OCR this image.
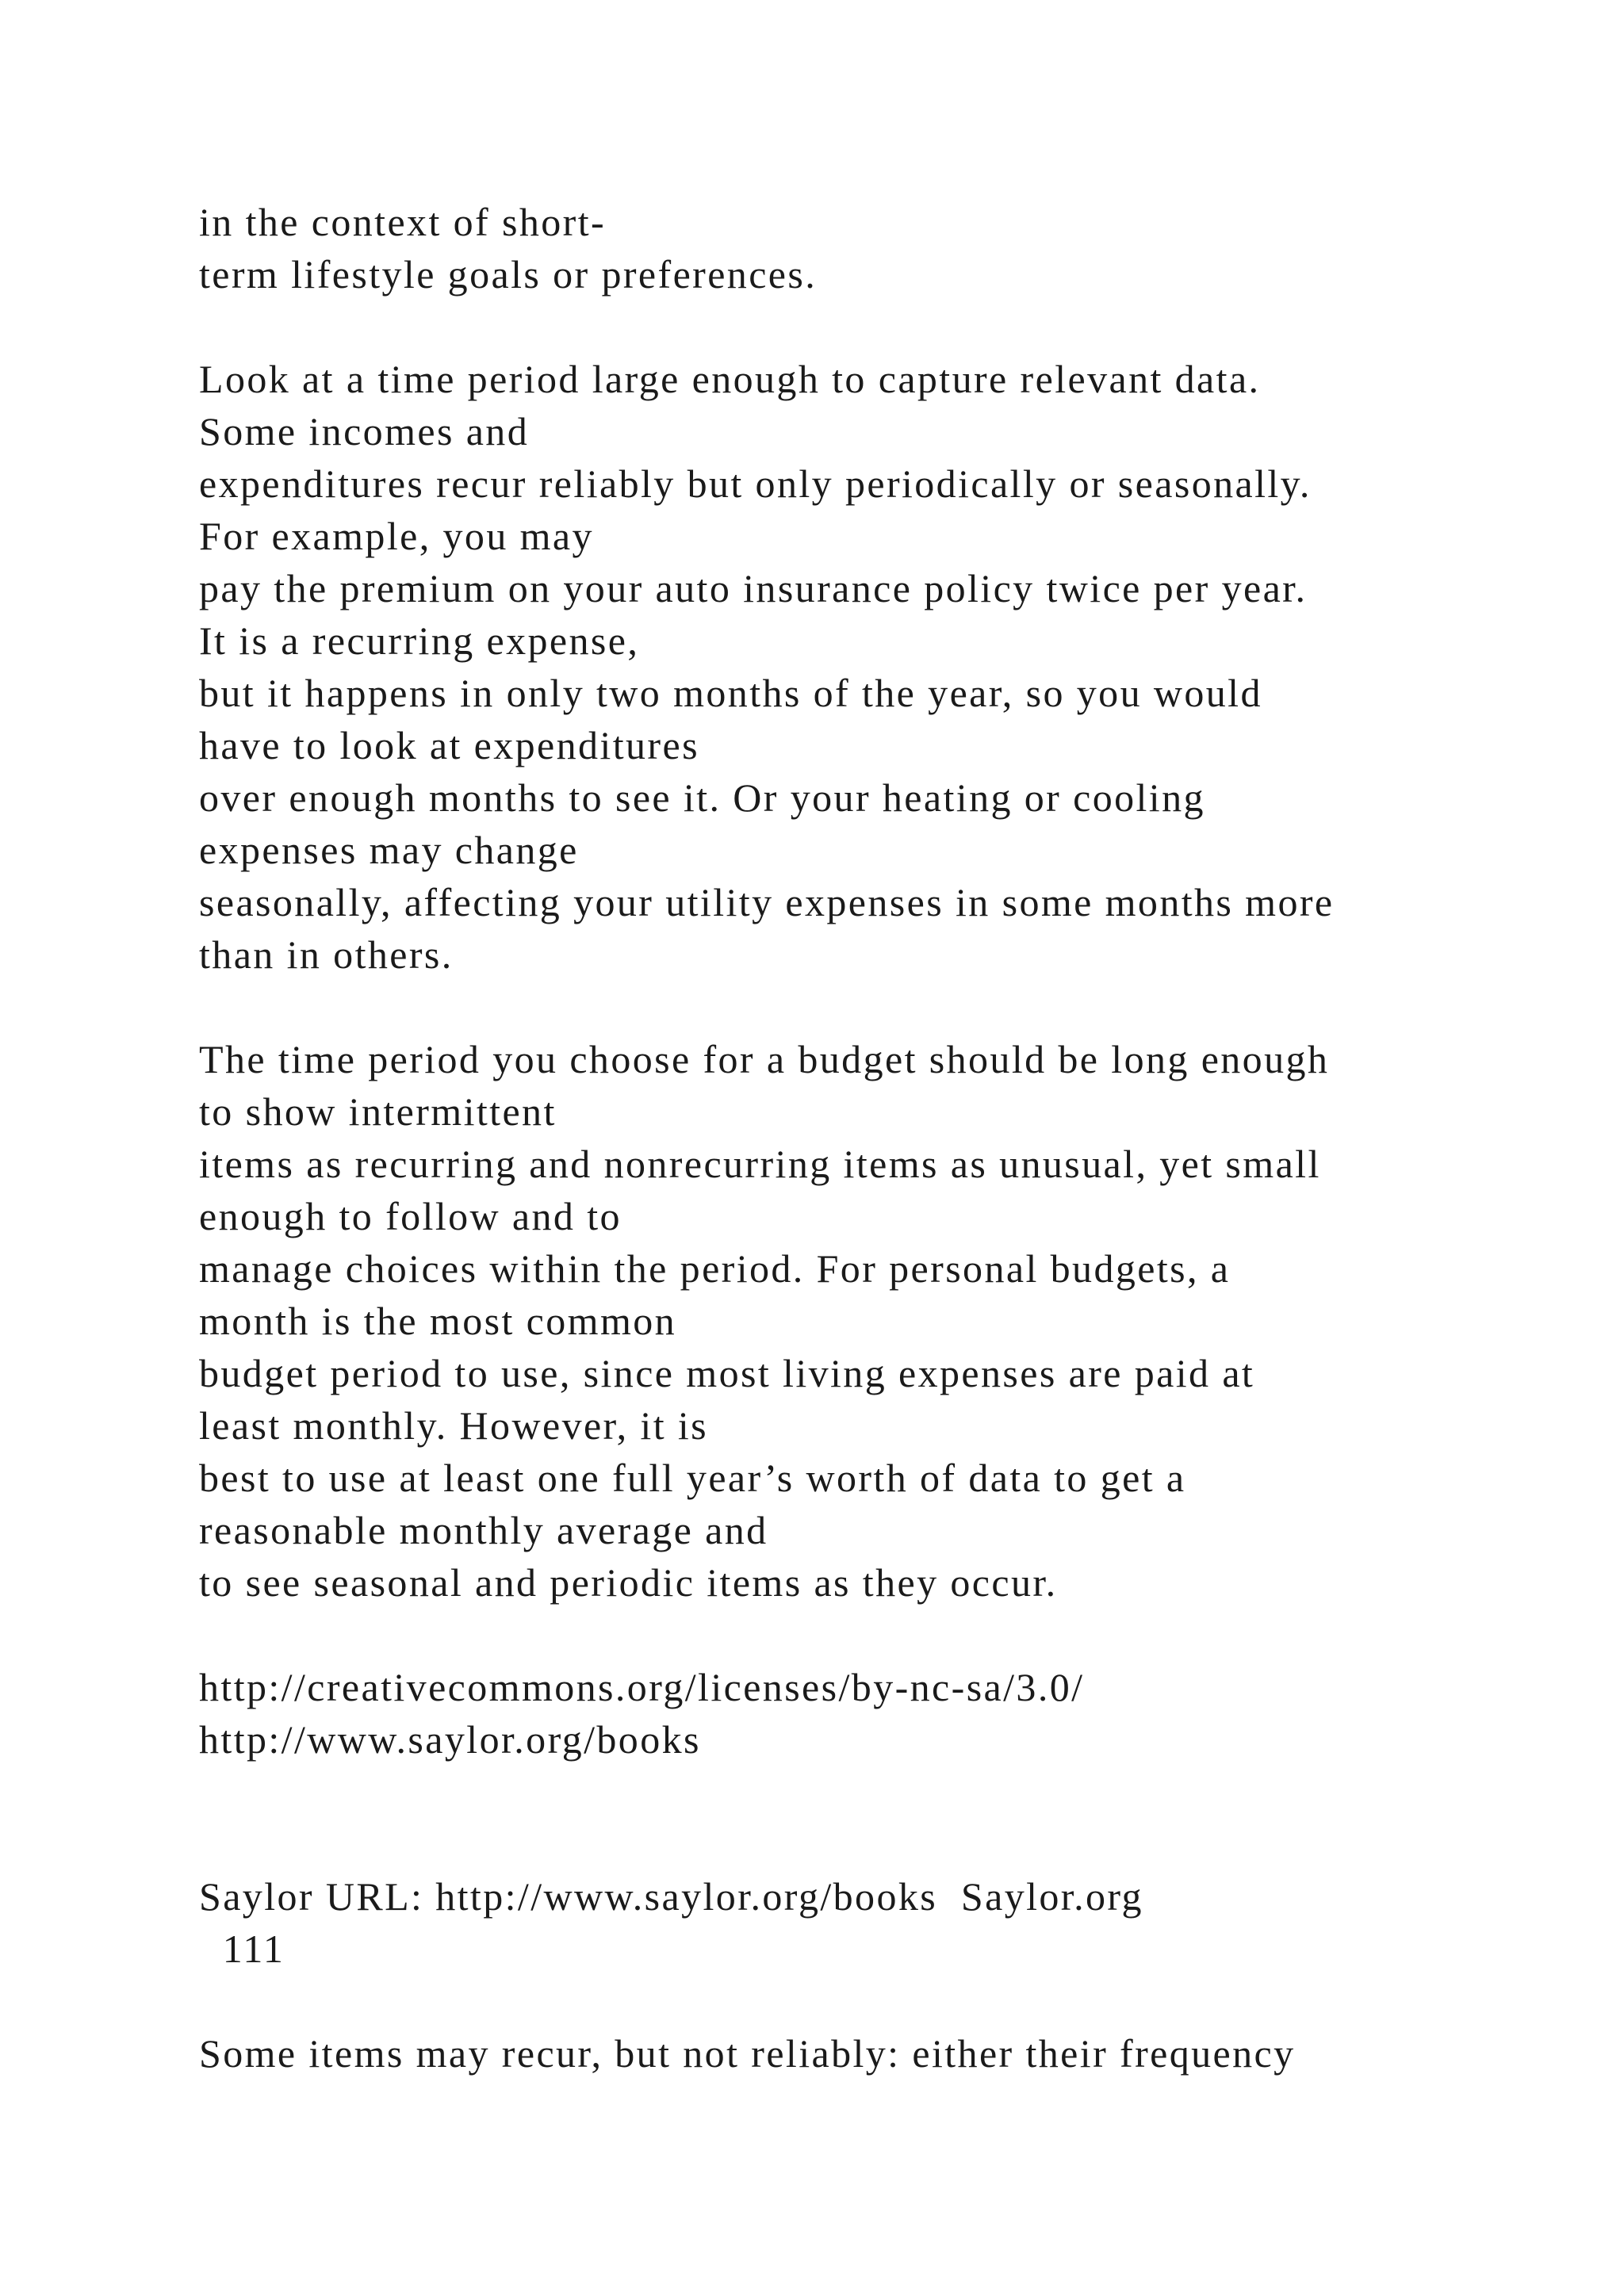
in the context of short-

term lifestyle goals or preferences.

Look at a time period large enough to capture relevant data.

Some incomes and

expenditures recur reliably but only periodically or seasonally.

For example, you may

pay the premium on your auto insurance policy twice per year.

It is a recurring expense,

but it happens in only two months of the year, so you would

have to look at expenditures

over enough months to see it. Or your heating or cooling

expenses may change

seasonally, affecting your utility expenses in some months more

than in others.

The time period you choose for a budget should be long enough

to show intermittent

items as recurring and nonrecurring items as unusual, yet small

enough to follow and to

manage choices within the period. For personal budgets, a

month is the most common

budget period to use, since most living expenses are paid at

least monthly. However, it is

best to use at least one full year’s worth of data to get a

reasonable monthly average and

to see seasonal and periodic items as they occur.

http://creativecommons.org/licenses/by-nc-sa/3.0/

http://www.saylor.org/books

Saylor URL: http://www.saylor.org/books  Saylor.org

111

Some items may recur, but not reliably: either their frequency
